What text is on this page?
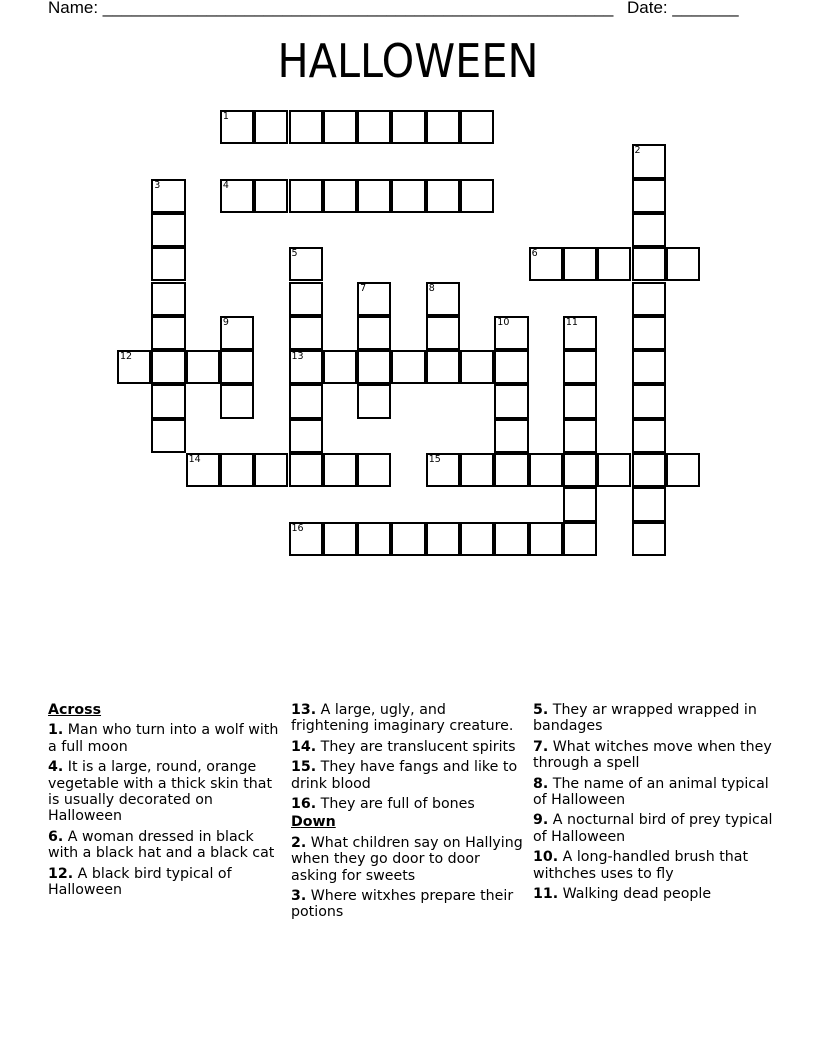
Name: ______________________________________________________ Date: _______
HALLOWEEN
1
2
3	4
5
13
6
7	8
9	10	11
12
14	15
16
Across
1. Man who turn into a wolf with a full moon
4. It is a large, round, orange vegetable with a thick skin that is usually decorated on Halloween
6. A woman dressed in black with a black hat and a black cat
12. A black bird typical of Halloween
13. A large, ugly, and frightening imaginary creature.
14. They are translucent spirits
15. They have fangs and like to drink blood
16. They are full of bones
Down
2. What children say on Hallying when they go door to door asking for sweets
3. Where witxhes prepare their potions
5. They ar wrapped wrapped in bandages
7. What witches move when they through a spell
8. The name of an animal typical of Halloween
9. A nocturnal bird of prey typical of Halloween
10. A long-handled brush that withches uses to fly
11. Walking dead people
